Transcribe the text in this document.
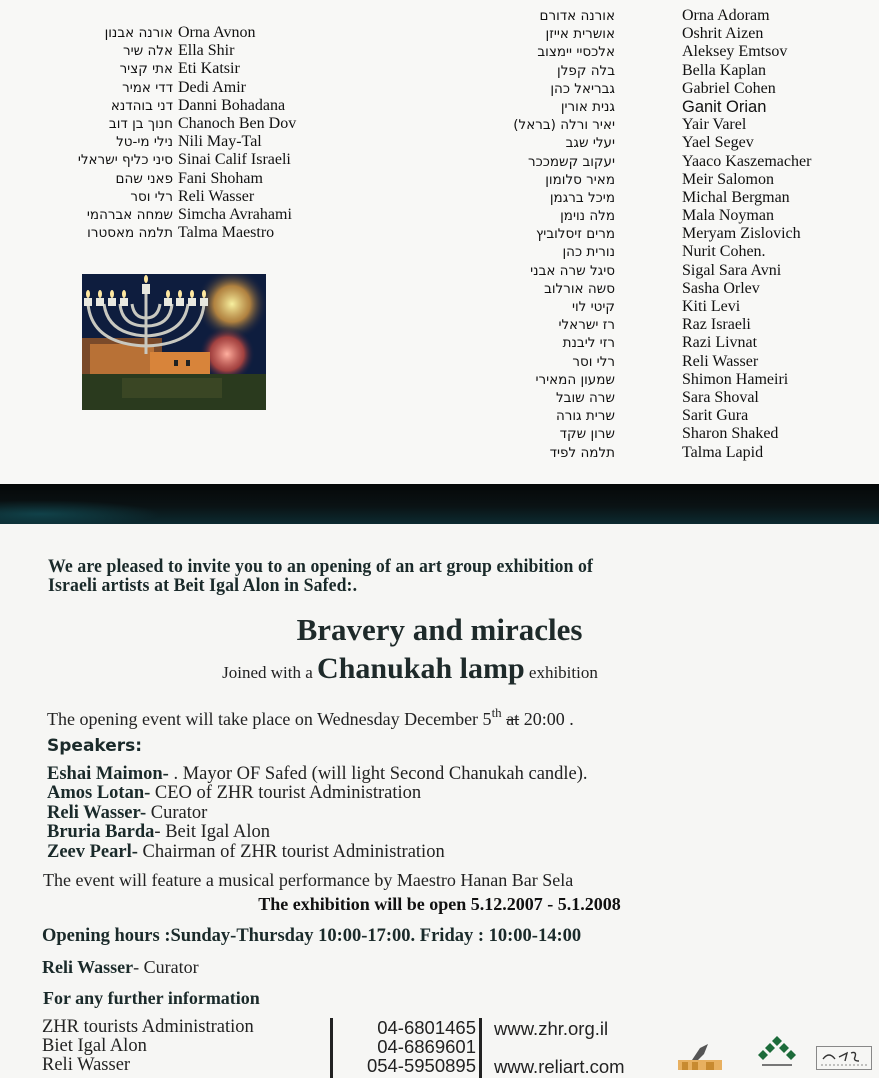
אורנה אבנון Orna Avnon
אלה שיר Ella Shir
אתי קציר Eti Katsir
דדי אמיר Dedi Amir
דני בוהדנא Danni Bohadana
חנוך בן דוב Chanoch Ben Dov
נילי מי-טל Nili May-Tal
סיני כליף ישראלי Sinai Calif Israeli
פאני שהם Fani Shoham
רלי וסר Reli Wasser
שמחה אברהמי Simcha Avrahami
תלמה מאסטרו Talma Maestro
אורנה אדורם	Orna Adoram
אושרית אייזן	Oshrit Aizen
אלכסיי יימצוב	Aleksey Emtsov
בלה קפלן	Bella Kaplan
גבריאל כהן	Gabriel Cohen
גנית אורין	Ganit Orian
יאיר ורלה (בראל)	Yair Varel
יעלי שגב	Yael Segev
יעקוב קשמככר	Yaaco Kaszemacher
מאיר סלומון	Meir Salomon
מיכל ברגמן	Michal Bergman
מלה נוימן	Mala Noyman
מרים זיסלוביץ	Meryam Zislovich
נורית כהן	Nurit Cohen.
סיגל שרה אבני	Sigal Sara Avni
סשה אורלוב	Sasha Orlev
קיטי לוי	Kiti Levi
רז ישראלי	Raz Israeli
רזי ליבנת	Razi Livnat
רלי וסר	Reli Wasser
שמעון המאירי	Shimon Hameiri
שרה שובל	Sara Shoval
שרית גורה	Sarit Gura
שרון שקד	Sharon Shaked
תלמה לפיד	Talma Lapid
We are pleased to invite you to an opening of an art group exhibition of
Israeli artists at Beit Igal Alon in Safed:.
Bravery and miracles
Joined with a Chanukah lamp exhibition
The opening event will take place on Wednesday December 5th at 20:00 .
Speakers:
Eshai Maimon- . Mayor OF Safed (will light Second Chanukah candle).
Amos Lotan- CEO of ZHR tourist Administration
Reli Wasser- Curator
Bruria Barda- Beit Igal Alon
Zeev Pearl- Chairman of ZHR tourist Administration
The event will feature a musical performance by Maestro Hanan Bar Sela
The exhibition will be open 5.12.2007 - 5.1.2008
Opening hours :Sunday-Thursday 10:00-17:00. Friday : 10:00-14:00
Reli Wasser- Curator
For any further information
ZHR tourists Administration
Biet Igal Alon
Reli Wasser
04-6801465
04-6869601
054-5950895
www.zhr.org.il
www.reliart.com
